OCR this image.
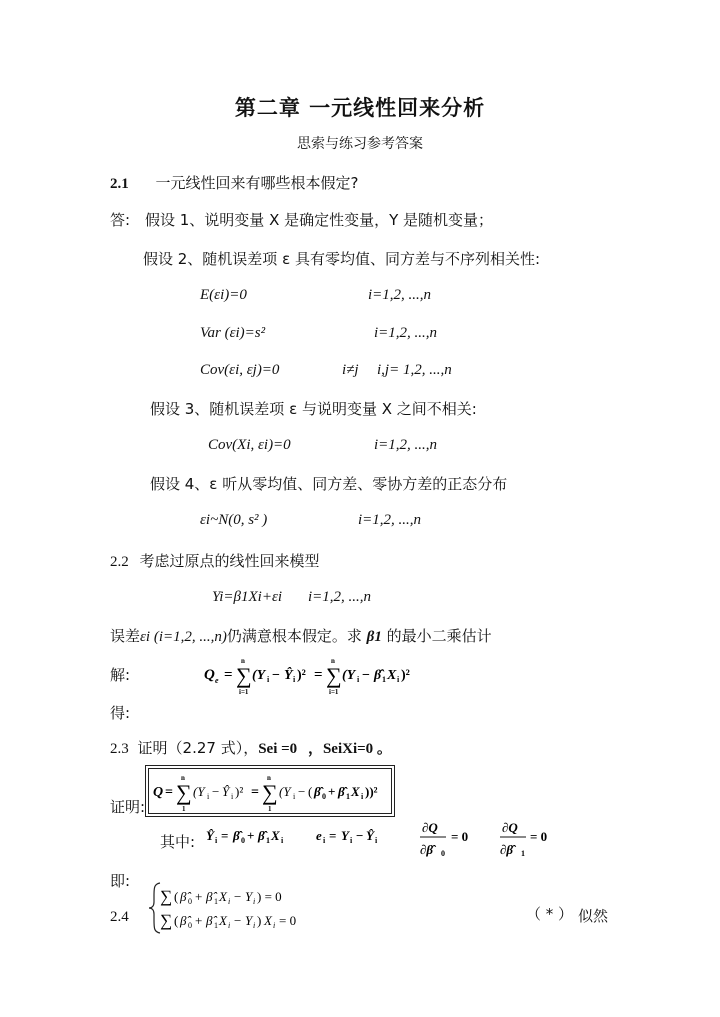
第二章 一元线性回来分析
思索与练习参考答案
2.1 一元线性回来有哪些根本假定?
答: 假设 1、说明变量 X 是确定性变量，Y 是随机变量；
假设 2、随机误差项 ε 具有零均值、同方差与不序列相关性:
E(εi)=0	i=1,2, ...,n
Var (εi)=s²	i=1,2, ...,n
Cov(εi, εj)=0	i≠j i,j= 1,2, ...,n
假设 3、随机误差项 ε 与说明变量 X 之间不相关:
Cov(Xi, εi)=0	i=1,2, ...,n
假设 4、ε 听从零均值、同方差、零协方差的正态分布
εi~N(0, s² )	i=1,2, ...,n
2.2 考虑过原点的线性回来模型
Yi=β1Xi+εi i=1,2, ...,n
误差εi (i=1,2, ...,n)仍满意根本假定。求 β1 的最小二乘估计
解:	Q e = ∑
n
i=1
(Y i − Ŷ i )² = ∑
n
i=1
(Y i − β̂ 1 X i )²
得:
2.3 证明（2.27 式），Sei =0 ，SeiXi=0 。
Q = ∑
n
1
(Y i − Ŷ i )² = ∑
n
1
(Y i − ( β̂ 0 + β̂ 1 X i ))²
证明:
其中: Ŷ i = β̂ 0 + β̂ 1 X i	e i = Y i − Ŷ i
∂Q
∂β̂ 0
= 0
∂Q
∂β̂ 1
= 0
即:
2.4
∑ ( β̂ 0 + β̂ 1 X i − Y i ) = 0
∑ ( β̂ 0 + β̂ 1 X i − Y i ) X i = 0	（ * ） 似然
